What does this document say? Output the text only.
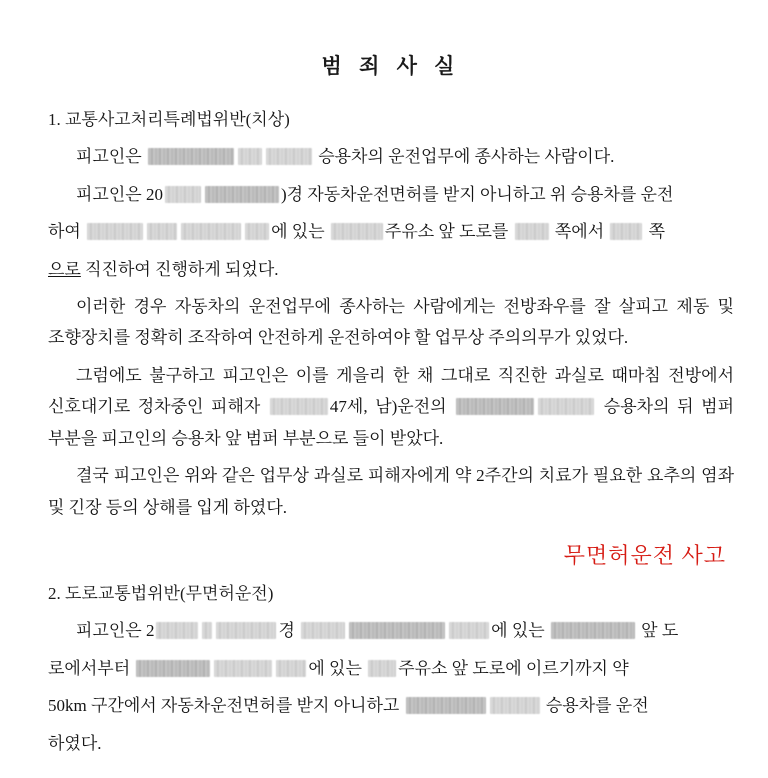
범 죄 사 실
1. 교통사고처리특례법위반(치상)
피고인은	승용차의 운전업무에 종사하는 사람이다.
피고인은 20	)경 자동차운전면허를 받지 아니하고 위 승용차를 운전
하여	에 있는	주유소 앞 도로를  쪽에서  쪽
으로 직진하여 진행하게 되었다.
이러한 경우 자동차의 운전업무에 종사하는 사람에게는 전방좌우를 잘 살피고 제동 및 조향장치를 정확히 조작하여 안전하게 운전하여야 할 업무상 주의의무가 있었다.
그럼에도 불구하고 피고인은 이를 게을리 한 채 그대로 직진한 과실로 때마침 전방에서 신호대기로 정차중인 피해자	47세, 남)운전의	승용차의 뒤 범퍼 부분을 피고인의 승용차 앞 범퍼 부분으로 들이 받았다.
결국 피고인은 위와 같은 업무상 과실로 피해자에게 약 2주간의 치료가 필요한 요추의 염좌 및 긴장 등의 상해를 입게 하였다.
무면허운전 사고
2. 도로교통법위반(무면허운전)
피고인은 2	경	에 있는	앞 도
로에서부터	에 있는 주유소 앞 도로에 이르기까지 약
50km 구간에서 자동차운전면허를 받지 아니하고	승용차를 운전
하였다.
